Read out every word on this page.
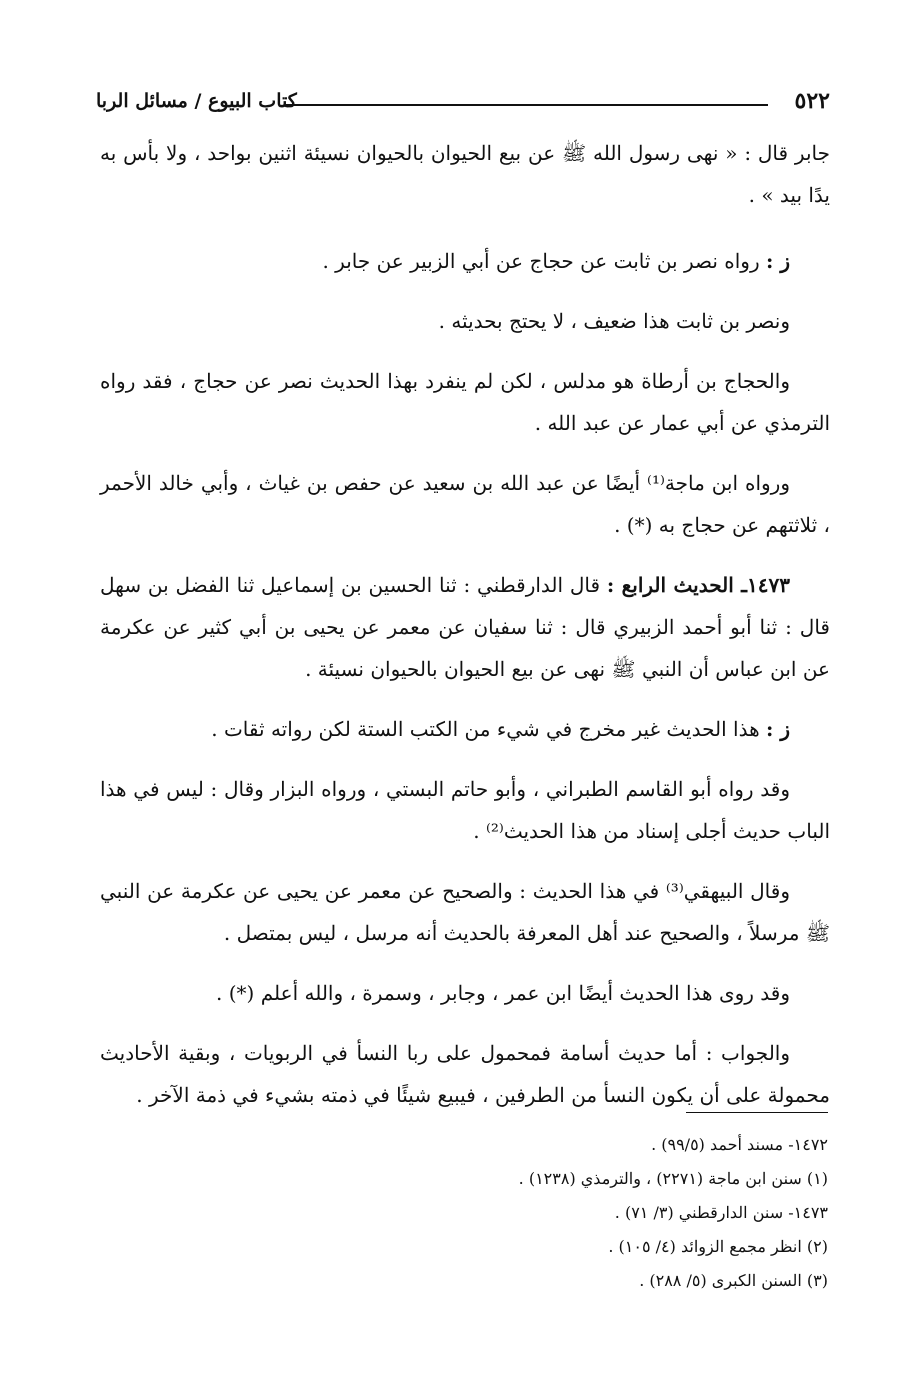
٥٢٢
كتاب البيوع / مسائل الربا

جابر قال : « نهى رسول الله ﷺ عن بيع الحيوان بالحيوان نسيئة اثنين بواحد ، ولا بأس به يدًا بيد » .

ز : رواه نصر بن ثابت عن حجاج عن أبي الزبير عن جابر .

ونصر بن ثابت هذا ضعيف ، لا يحتج بحديثه .

والحجاج بن أرطاة هو مدلس ، لكن لم ينفرد بهذا الحديث نصر عن حجاج ، فقد رواه الترمذي عن أبي عمار عن عبد الله .

ورواه ابن ماجة⁽¹⁾ أيضًا عن عبد الله بن سعيد عن حفص بن غياث ، وأبي خالد الأحمر ، ثلاثتهم عن حجاج به (*) .

١٤٧٣ـ الحديث الرابع : قال الدارقطني : ثنا الحسين بن إسماعيل ثنا الفضل بن سهل قال : ثنا أبو أحمد الزبيري قال : ثنا سفيان عن معمر عن يحيى بن أبي كثير عن عكرمة عن ابن عباس أن النبي ﷺ نهى عن بيع الحيوان بالحيوان نسيئة .

ز : هذا الحديث غير مخرج في شيء من الكتب الستة لكن رواته ثقات .

وقد رواه أبو القاسم الطبراني ، وأبو حاتم البستي ، ورواه البزار وقال : ليس في هذا الباب حديث أجلى إسناد من هذا الحديث⁽²⁾ .

وقال البيهقي⁽³⁾ في هذا الحديث : والصحيح عن معمر عن يحيى عن عكرمة عن النبي ﷺ مرسلاً ، والصحيح عند أهل المعرفة بالحديث أنه مرسل ، ليس بمتصل .

وقد روى هذا الحديث أيضًا ابن عمر ، وجابر ، وسمرة ، والله أعلم (*) .

والجواب : أما حديث أسامة فمحمول على ربا النسأ في الربويات ، وبقية الأحاديث محمولة على أن يكون النسأ من الطرفين ، فيبيع شيئًا في ذمته بشيء في ذمة الآخر .

١٤٧٢- مسند أحمد (٩٩/٥) .

(١) سنن ابن ماجة (٢٢٧١) ، والترمذي (١٢٣٨) .

١٤٧٣- سنن الدارقطني (٣/ ٧١) .

(٢) انظر مجمع الزوائد (٤/ ١٠٥) .

(٣) السنن الكبرى (٥/ ٢٨٨) .
